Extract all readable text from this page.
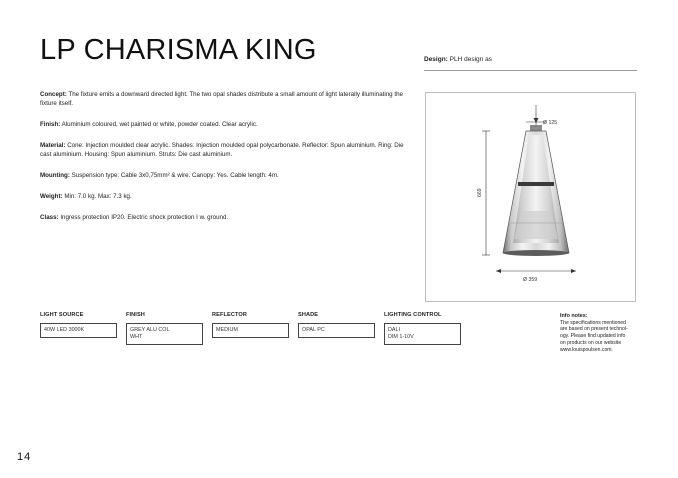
LP CHARISMA KING	Design: PLH design as

Concept: The fixture emits a downward directed light. The two opal shades distribute a small amount of light laterally illuminating the fixture itself.

Finish: Aluminium coloured, wet painted or white, powder coated. Clear acrylic.

Material: Cone: Injection moulded clear acrylic. Shades: Injection moulded opal polycarbonate. Reflector: Spun aluminium. Ring: Die cast aluminium. Housing: Spun aluminium. Struts: Die cast aluminium.

Mounting: Suspension type: Cable 3x0,75mm² & wire. Canopy: Yes. Cable length: 4m.

Weight: Min: 7.0 kg. Max: 7.3 kg.

Class: Ingress protection IP20. Electric shock protection I w. ground.

Ø 125
669
Ø 359
LIGHT SOURCE
40W LED 3000K
FINISH
GREY ALU COL
WHT
REFLECTOR
MEDIUM
SHADE
OPAL PC
LIGHTING CONTROL
DALI
DIM 1-10V
Info notes:
The specifications mentioned
are based on present technol-
ogy. Please find updated info
on products on our website
www.louispoulsen.com.
14
